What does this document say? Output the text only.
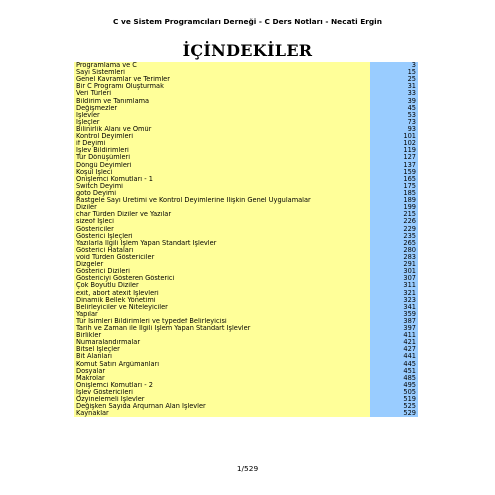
C ve Sistem Programcıları Derneği - C Ders Notları - Necati Ergin
İÇİNDEKİLER
Programlama ve C	3
Sayı Sistemleri	15
Genel Kavramlar ve Terimler	25
Bir C Programı Oluşturmak	31
Veri Türleri	33
Bildirim ve Tanımlama	39
Değişmezler	45
İşlevler	53
İşleçler	73
Bilinirlik Alanı ve Ömür	93
Kontrol Deyimleri	101
if Deyimi	102
İşlev Bildirimleri	119
Tür Dönüşümleri	127
Döngü Deyimleri	137
Koşul İşleci	159
Önişlemci Komutları - 1	165
Switch Deyimi	175
goto Deyimi	185
Rastgele Sayı Üretimi ve Kontrol Deyimlerine İlişkin Genel Uygulamalar	189
Diziler	199
char Türden Diziler ve Yazılar	215
sizeof İşleci	226
Göstericiler	229
Gösterici İşleçleri	235
Yazılarla İlgili İşlem Yapan Standart İşlevler	265
Gösterici Hataları	280
void Türden Göstericiler	283
Dizgeler	291
Gösterici Dizileri	301
Göstericiyi Gösteren Gösterici	307
Çok Boyutlu Diziler	311
exit, abort atexit İşlevleri	321
Dinamik Bellek Yönetimi	323
Belirleyiciler ve Niteleyiciler	341
Yapılar	359
Tür İsimleri Bildirimleri ve typedef Belirleyicisi	387
Tarih ve Zaman ile İlgili İşlem Yapan Standart İşlevler	397
Birlikler	411
Numaralandırmalar	421
Bitsel İşleçler	427
Bit Alanları	441
Komut Satırı Argümanları	445
Dosyalar	451
Makrolar	485
Önişlemci Komutları - 2	495
İşlev Göstericileri	505
Özyinelemeli İşlevler	519
Değişken Sayıda Arqurnan Alan İşlevler	525
Kaynaklar	529
1/529
